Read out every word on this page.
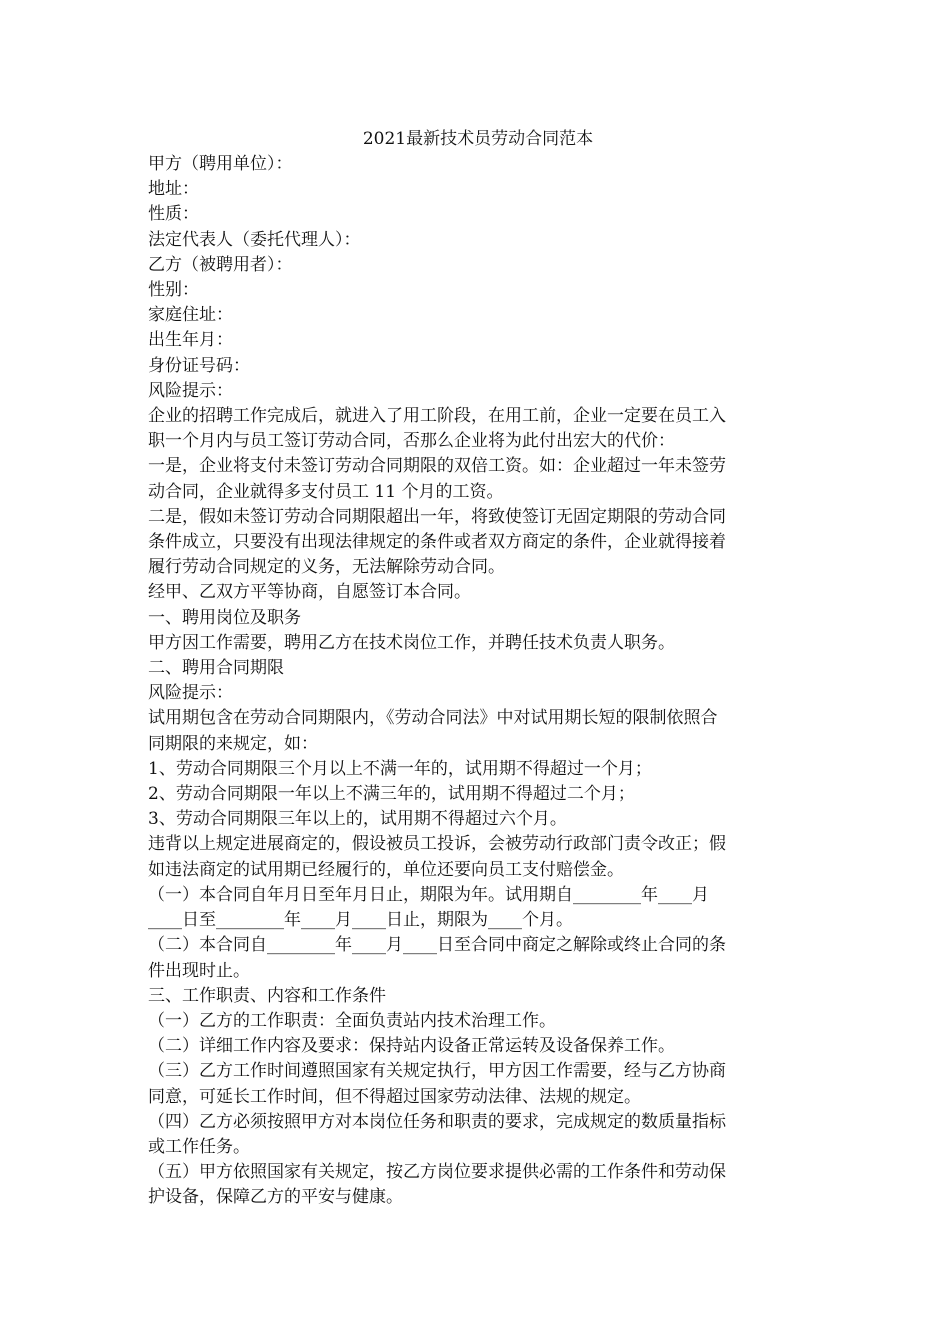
2021最新技术员劳动合同范本

甲方（聘用单位）：

地址：

性质：

法定代表人（委托代理人）：

乙方（被聘用者）：

性别：

家庭住址：

出生年月：

身份证号码：

风险提示：

企业的招聘工作完成后，就进入了用工阶段，在用工前，企业一定要在员工入

职一个月内与员工签订劳动合同，否那么企业将为此付出宏大的代价：

一是，企业将支付未签订劳动合同期限的双倍工资。如：企业超过一年未签劳

动合同，企业就得多支付员工 11 个月的工资。

二是，假如未签订劳动合同期限超出一年，将致使签订无固定期限的劳动合同

条件成立，只要没有出现法律规定的条件或者双方商定的条件，企业就得接着

履行劳动合同规定的义务，无法解除劳动合同。

经甲、乙双方平等协商，自愿签订本合同。

一、聘用岗位及职务

甲方因工作需要，聘用乙方在技术岗位工作，并聘任技术负责人职务。

二、聘用合同期限

风险提示：

试用期包含在劳动合同期限内，《劳动合同法》中对试用期长短的限制依照合

同期限的来规定，如：

1、劳动合同期限三个月以上不满一年的，试用期不得超过一个月；

2、劳动合同期限一年以上不满三年的，试用期不得超过二个月；

3、劳动合同期限三年以上的，试用期不得超过六个月。

违背以上规定进展商定的，假设被员工投诉，会被劳动行政部门责令改正；假

如违法商定的试用期已经履行的，单位还要向员工支付赔偿金。

（一）本合同自年月日至年月日止，期限为年。试用期自________年____月

____日至________年____月____日止，期限为____个月。

（二）本合同自________年____月____日至合同中商定之解除或终止合同的条

件出现时止。

三、工作职责、内容和工作条件

（一）乙方的工作职责：全面负责站内技术治理工作。

（二）详细工作内容及要求：保持站内设备正常运转及设备保养工作。

（三）乙方工作时间遵照国家有关规定执行，甲方因工作需要，经与乙方协商

同意，可延长工作时间，但不得超过国家劳动法律、法规的规定。

（四）乙方必须按照甲方对本岗位任务和职责的要求，完成规定的数质量指标

或工作任务。

（五）甲方依照国家有关规定，按乙方岗位要求提供必需的工作条件和劳动保

护设备，保障乙方的平安与健康。
